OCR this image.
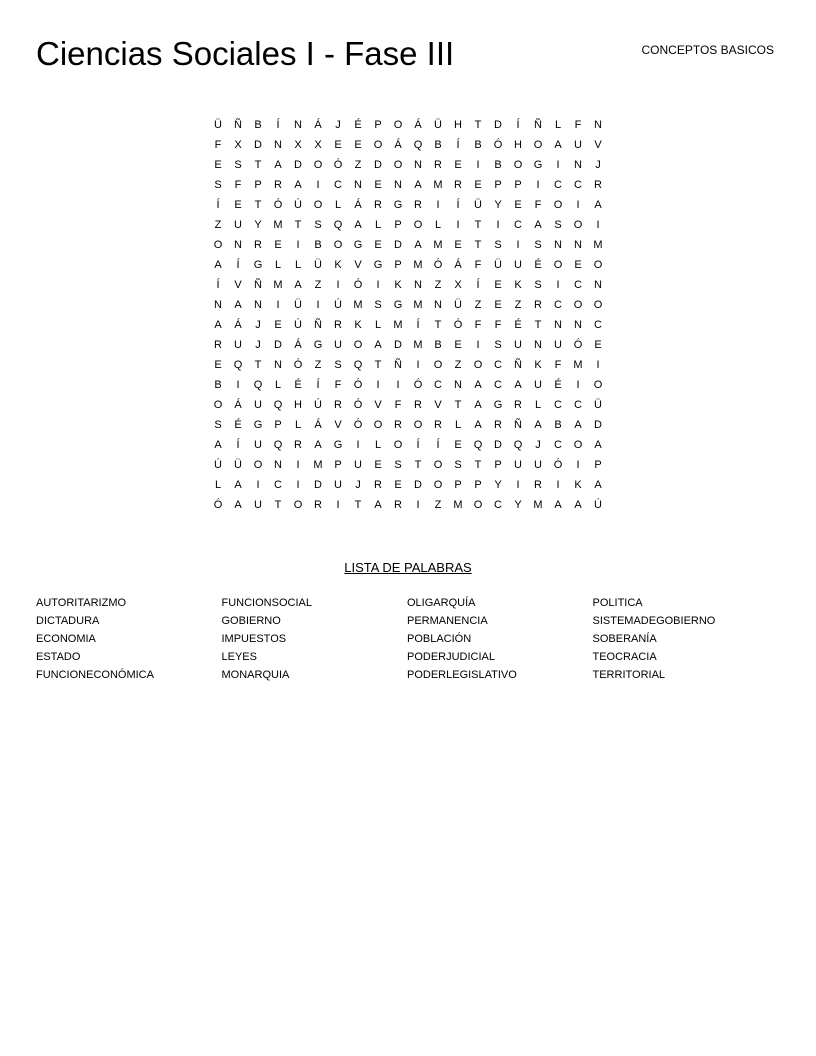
Ciencias Sociales I - Fase III	CONCEPTOS BASICOS
Ü	Ñ	B	Í	N	Á	J	É	P	O	Á	Ü	H	T	D	Í	Ñ	L	F	N
F	X	D	N	X	X	E	E	O	Á	Q	B	Í	B	Ó	H	O	A	U	V
E	S	T	A	D	O	Ó	Z	D	O	N	R	E	I	B	O	G	I	N	J
S	F	P	R	A	I	C	N	E	N	A	M	R	E	P	P	I	C	C	R
Í	E	T	Ó	Ú	O	L	Á	R	G	R	I	Í	Ü	Y	E	F	O	I	A
Z	U	Y	M	T	S	Q	A	L	P	O	L	I	T	I	C	A	S	O	I
O	N	R	E	I	B	O	G	E	D	A	M	E	T	S	I	S	N	N	M
A	Í	G	L	L	Ü	K	V	G	P	M	Ó	Á	F	Ü	U	É	O	E	O
Í	V	Ñ	M	A	Z	I	Ó	I	K	N	Z	X	Í	E	K	S	I	C	N
N	A	N	I	Ü	I	Ú	M	S	G	M	N	Ü	Z	E	Z	R	C	O	O
A	Á	J	E	Ú	Ñ	R	K	L	M	Í	T	Ó	F	F	É	T	N	N	C
R	U	J	D	Á	G	U	O	A	D	M	B	E	I	S	U	N	U	Ó	E
E	Q	T	N	Ó	Z	S	Q	T	Ñ	I	O	Z	O	C	Ñ	K	F	M	I
B	I	Q	L	É	Í	F	Ó	I	I	Ó	C	N	A	C	A	U	É	I	O
O	Á	U	Q	H	Ú	R	Ó	V	F	R	V	T	A	G	R	L	C	C	Ü
S	É	G	P	L	Á	V	Ó	O	R	O	R	L	A	R	Ñ	A	B	A	D
A	Í	U	Q	R	A	G	I	L	O	Í	Í	E	Q	D	Q	J	C	O	A
Ú	Ü	O	N	I	M	P	U	E	S	T	O	S	T	P	U	U	Ó	I	P
L	A	I	C	I	D	U	J	R	E	D	O	P	P	Y	I	R	I	K	A
Ó	A	U	T	O	R	I	T	A	R	I	Z	M	O	C	Y	M	A	A	Ú
LISTA DE PALABRAS
AUTORITARIZMO
DICTADURA
ECONOMIA
ESTADO
FUNCIONECONÓMICA
FUNCIONSOCIAL
GOBIERNO
IMPUESTOS
LEYES
MONARQUIA
OLIGARQUÍA
PERMANENCIA
POBLACIÓN
PODERJUDICIAL
PODERLEGISLATIVO
POLITICA
SISTEMADEGOBIERNO
SOBERANÍA
TEOCRACIA
TERRITORIAL
